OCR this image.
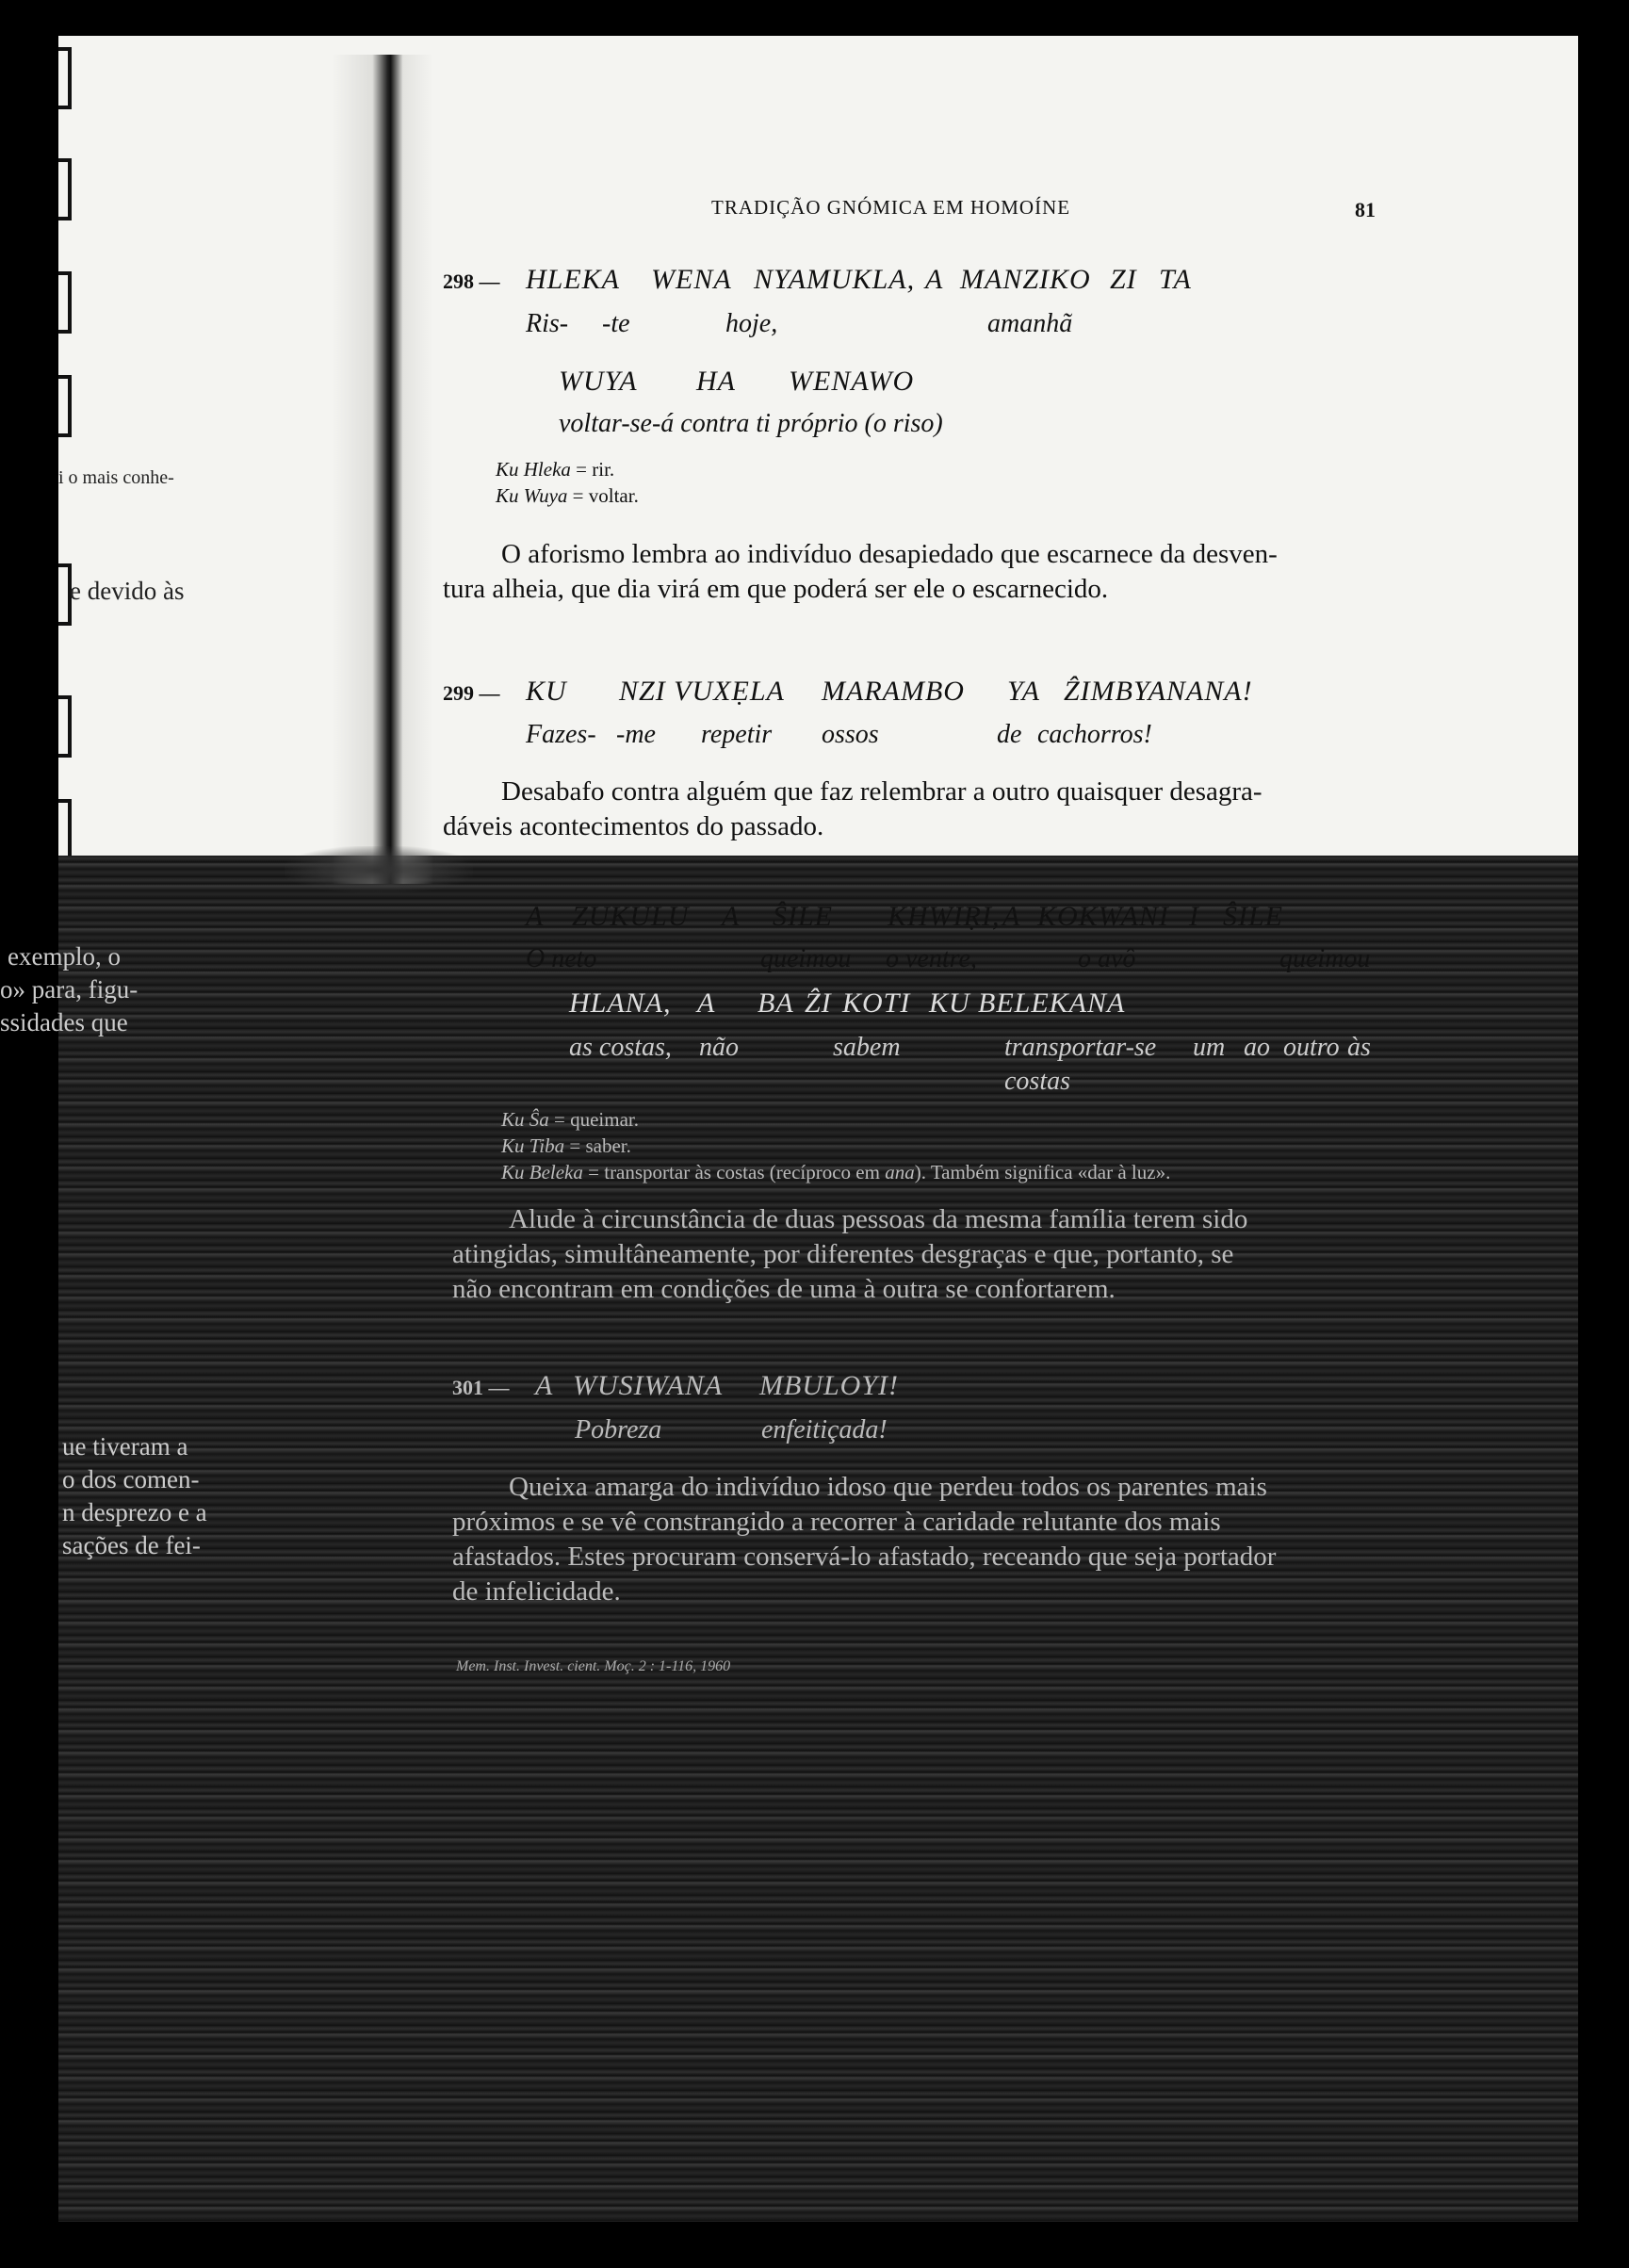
i o mais conhe-
e devido às
TRADIÇÃO GNÓMICA EM HOMOÍNE	81
298 — HLEKA WENA NYAMUKLA, A MANZIKO ZI TA
Ris- -te	hoje,	amanhã
WUYA HA WENAWO
voltar-se-á contra ti próprio (o riso)
Ku Hleka = rir.
Ku Wuya = voltar.
O aforismo lembra ao indivíduo desapiedado que escarnece da desven-
tura alheia, que dia virá em que poderá ser ele o escarnecido.
299 — KU NZI VUXẸLA MARAMBO YA ẐIMBYANANA!
Fazes- -me repetir ossos	de cachorros!
Desabafo contra alguém que faz relembrar a outro quaisquer desagra-
dáveis acontecimentos do passado.
A ZUKULU A ŜILE KHWIṚI, A KOKWANI I ŜILE
O neto	queimou o ventre,	o avô	queimou
HLANA, A BA ẐI KOTI KU BELEKANA
as costas, não	sabem	transportar-se um ao outro às
costas
Ku Ŝa = queimar.
Ku Tiba = saber.
Ku Beleka = transportar às costas (recíproco em ana). Também significa «dar à luz».
Alude à circunstância de duas pessoas da mesma família terem sido
atingidas, simultâneamente, por diferentes desgraças e que, portanto, se
não encontram em condições de uma à outra se confortarem.
301 — A WUSIWANA MBULOYI!
Pobreza	enfeitiçada!
Queixa amarga do indivíduo idoso que perdeu todos os parentes mais
próximos e se vê constrangido a recorrer à caridade relutante dos mais
afastados. Estes procuram conservá-lo afastado, receando que seja portador
de infelicidade.
Mem. Inst. Invest. cient. Moç. 2 : 1-116, 1960
exemplo, o
o» para, figu-
ssidades que
ue tiveram a
o dos comen-
n desprezo e a
sações de fei-
